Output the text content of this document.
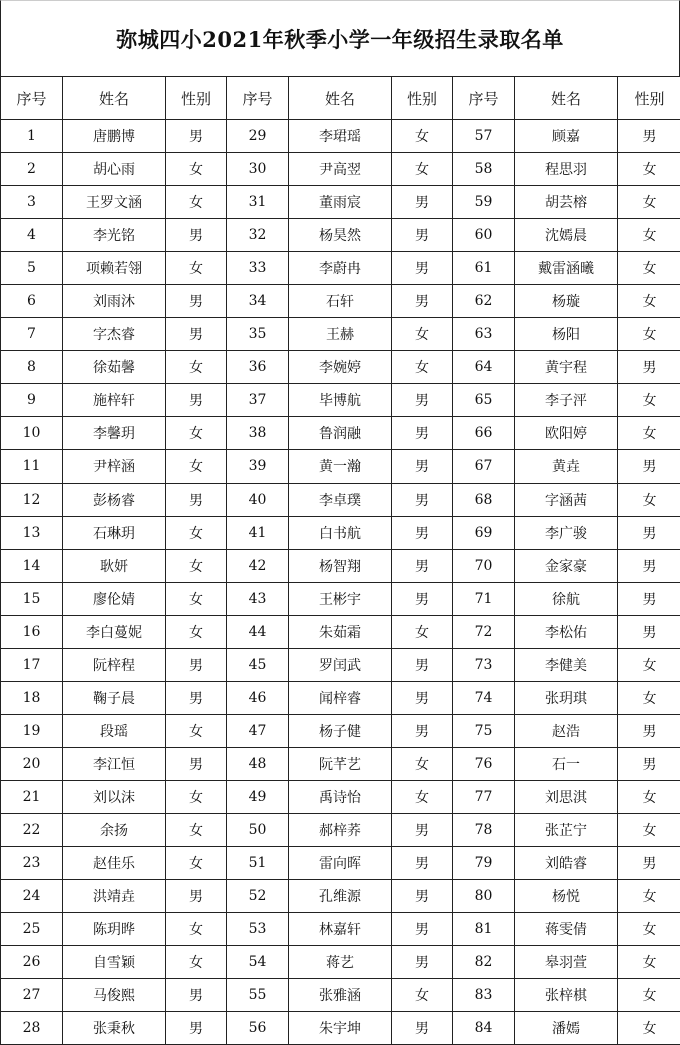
弥城四小2021年秋季小学一年级招生录取名单
序号	姓名	性别	序号	姓名	性别	序号	姓名	性别
1	唐鹏博	男	29	李珺瑶	女	57	顾嘉	男
2	胡心雨	女	30	尹高翌	女	58	程思羽	女
3	王罗文涵	女	31	董雨宸	男	59	胡芸榕	女
4	李光铭	男	32	杨昊然	男	60	沈嫣晨	女
5	项赖若翎	女	33	李蔚冉	男	61	戴雷涵曦	女
6	刘雨沐	男	34	石轩	男	62	杨璇	女
7	字杰睿	男	35	王赫	女	63	杨阳	女
8	徐茹馨	女	36	李婉婷	女	64	黄宇程	男
9	施梓轩	男	37	毕博航	男	65	李子泙	女
10	李馨玥	女	38	鲁润融	男	66	欧阳婷	女
11	尹梓涵	女	39	黄一瀚	男	67	黄垚	男
12	彭杨睿	男	40	李卓璞	男	68	字涵茜	女
13	石琳玥	女	41	白书航	男	69	李广骏	男
14	耿妍	女	42	杨智翔	男	70	金家豪	男
15	廖伦婧	女	43	王彬宇	男	71	徐航	男
16	李白蔓妮	女	44	朱茹霜	女	72	李松佑	男
17	阮梓程	男	45	罗闰武	男	73	李健美	女
18	鞠子晨	男	46	闻梓睿	男	74	张玥琪	女
19	段瑶	女	47	杨子健	男	75	赵浩	男
20	李江恒	男	48	阮芊艺	女	76	石一	男
21	刘以沫	女	49	禹诗怡	女	77	刘思淇	女
22	余扬	女	50	郝梓荞	男	78	张芷宁	女
23	赵佳乐	女	51	雷向晖	男	79	刘皓睿	男
24	洪靖垚	男	52	孔维源	男	80	杨悦	女
25	陈玥晔	女	53	林嘉轩	男	81	蒋雯倩	女
26	自雪颖	女	54	蒋艺	男	82	皋羽萱	女
27	马俊熙	男	55	张雅涵	女	83	张梓棋	女
28	张秉秋	男	56	朱宇坤	男	84	潘嫣	女
